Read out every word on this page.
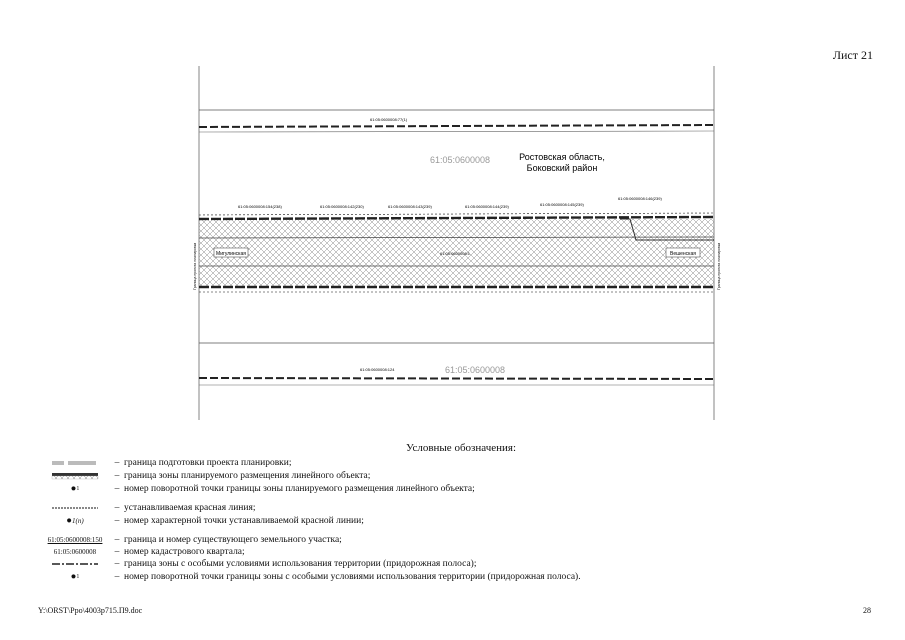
Лист 21
Ростовская область,
Боковский район
61:05:0600008
61:05:0600008
61:05:0600008:77(1)
61:05:0600008:124
61:05:0600008:1
61:05:0600008:154(238)	61:05:0600008:142(230)	61:05:0600008:143(239)	61:05:0600008:144(239)	61:05:0600008:145(239)
61:05:0600008:146(239)
Мигулинская	Вешенская
Граница проекта планировки	Граница проекта планировки
Условные обозначения:
– граница подготовки проекта планировки;
– граница зоны планируемого размещения линейного объекта;
● 1	– номер поворотной точки границы зоны планируемого размещения линейного объекта;
– устанавливаемая красная линия;
● 1(n)	– номер характерной точки устанавливаемой красной линии;
61:05:0600008:150	– граница и номер существующего земельного участка;
61:05:0600008	– номер кадастрового квартала;
– граница зоны с особыми условиями использования территории (придорожная полоса);
● 1	– номер поворотной точки границы зоны с особыми условиями использования территории (придорожная полоса).
Y:\ORST\Ppo\4003р715.П9.doc	28
